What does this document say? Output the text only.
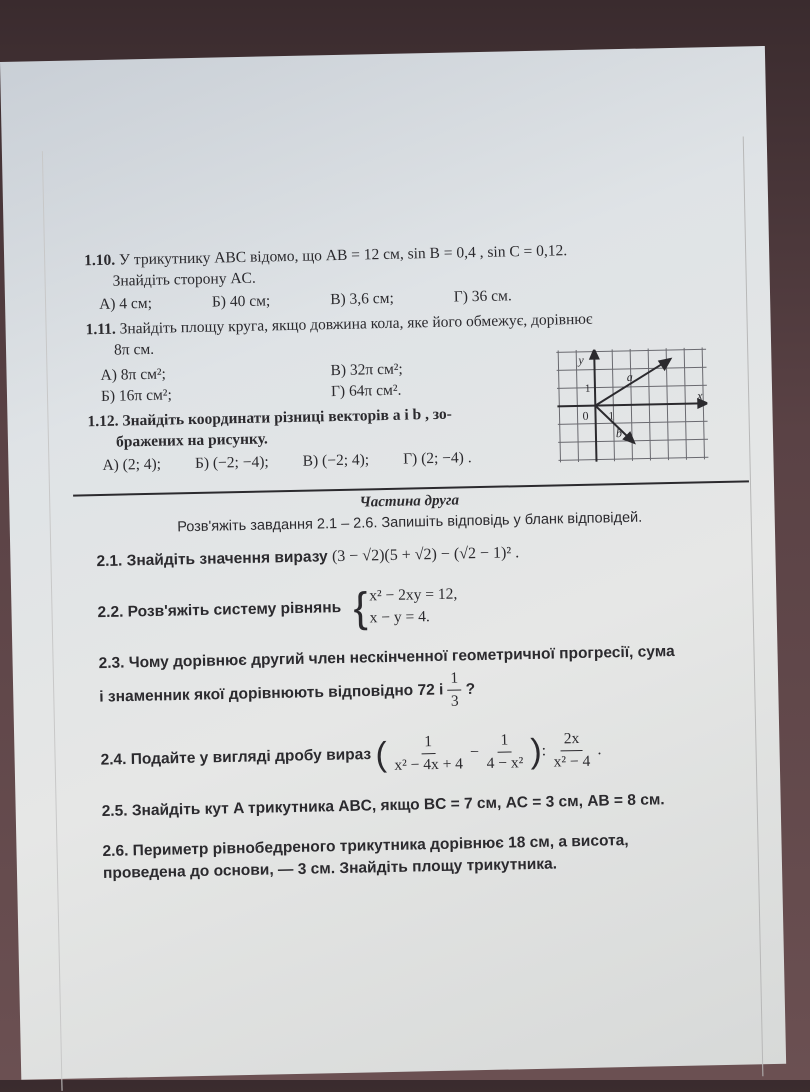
1.10. У трикутнику ABC відомо, що AB = 12 см, sin B = 0,4 , sin C = 0,12.
Знайдіть сторону AC.
А) 4 см;	Б) 40 см;	В) 3,6 см;	Г) 36 см.
1.11. Знайдіть площу круга, якщо довжина кола, яке його обмежує, дорівнює
8π см.
А) 8π см²;	В) 32π см²;
Б) 16π см²;	Г) 64π см².
1.12. Знайдіть координати різниці векторів a і b , зо-
бражених на рисунку.
А) (2; 4); Б) (−2; −4); В) (−2; 4); Г) (2; −4) .
y
x
0 1
1
a
b

Частина друга

Розв'яжіть завдання 2.1 – 2.6. Запишіть відповідь у бланк відповідей.

2.1. Знайдіть значення виразу (3 − √2)(5 + √2) − (√2 − 1)² .
2.2. Розв'яжіть систему рівнянь { x² − 2xy = 12,
x − y = 4.
2.3. Чому дорівнює другий член нескінченної геометричної прогресії, сума
і знаменник якої дорівнюють відповідно 72 і $\frac{1}{3}$ ?
2.4. Подайте у вигляді дробу вираз ( $\frac{1}{\text{x² − 4x + 4}} - \frac{1}{\text{4 − x²}}$ ): $\frac{2x}{\text{x² − 4}}$ .
2.5. Знайдіть кут A трикутника ABC, якщо BC = 7 см, AC = 3 см, AB = 8 см.
2.6. Периметр рівнобедреного трикутника дорівнює 18 см, а висота,
проведена до основи, — 3 см. Знайдіть площу трикутника.
